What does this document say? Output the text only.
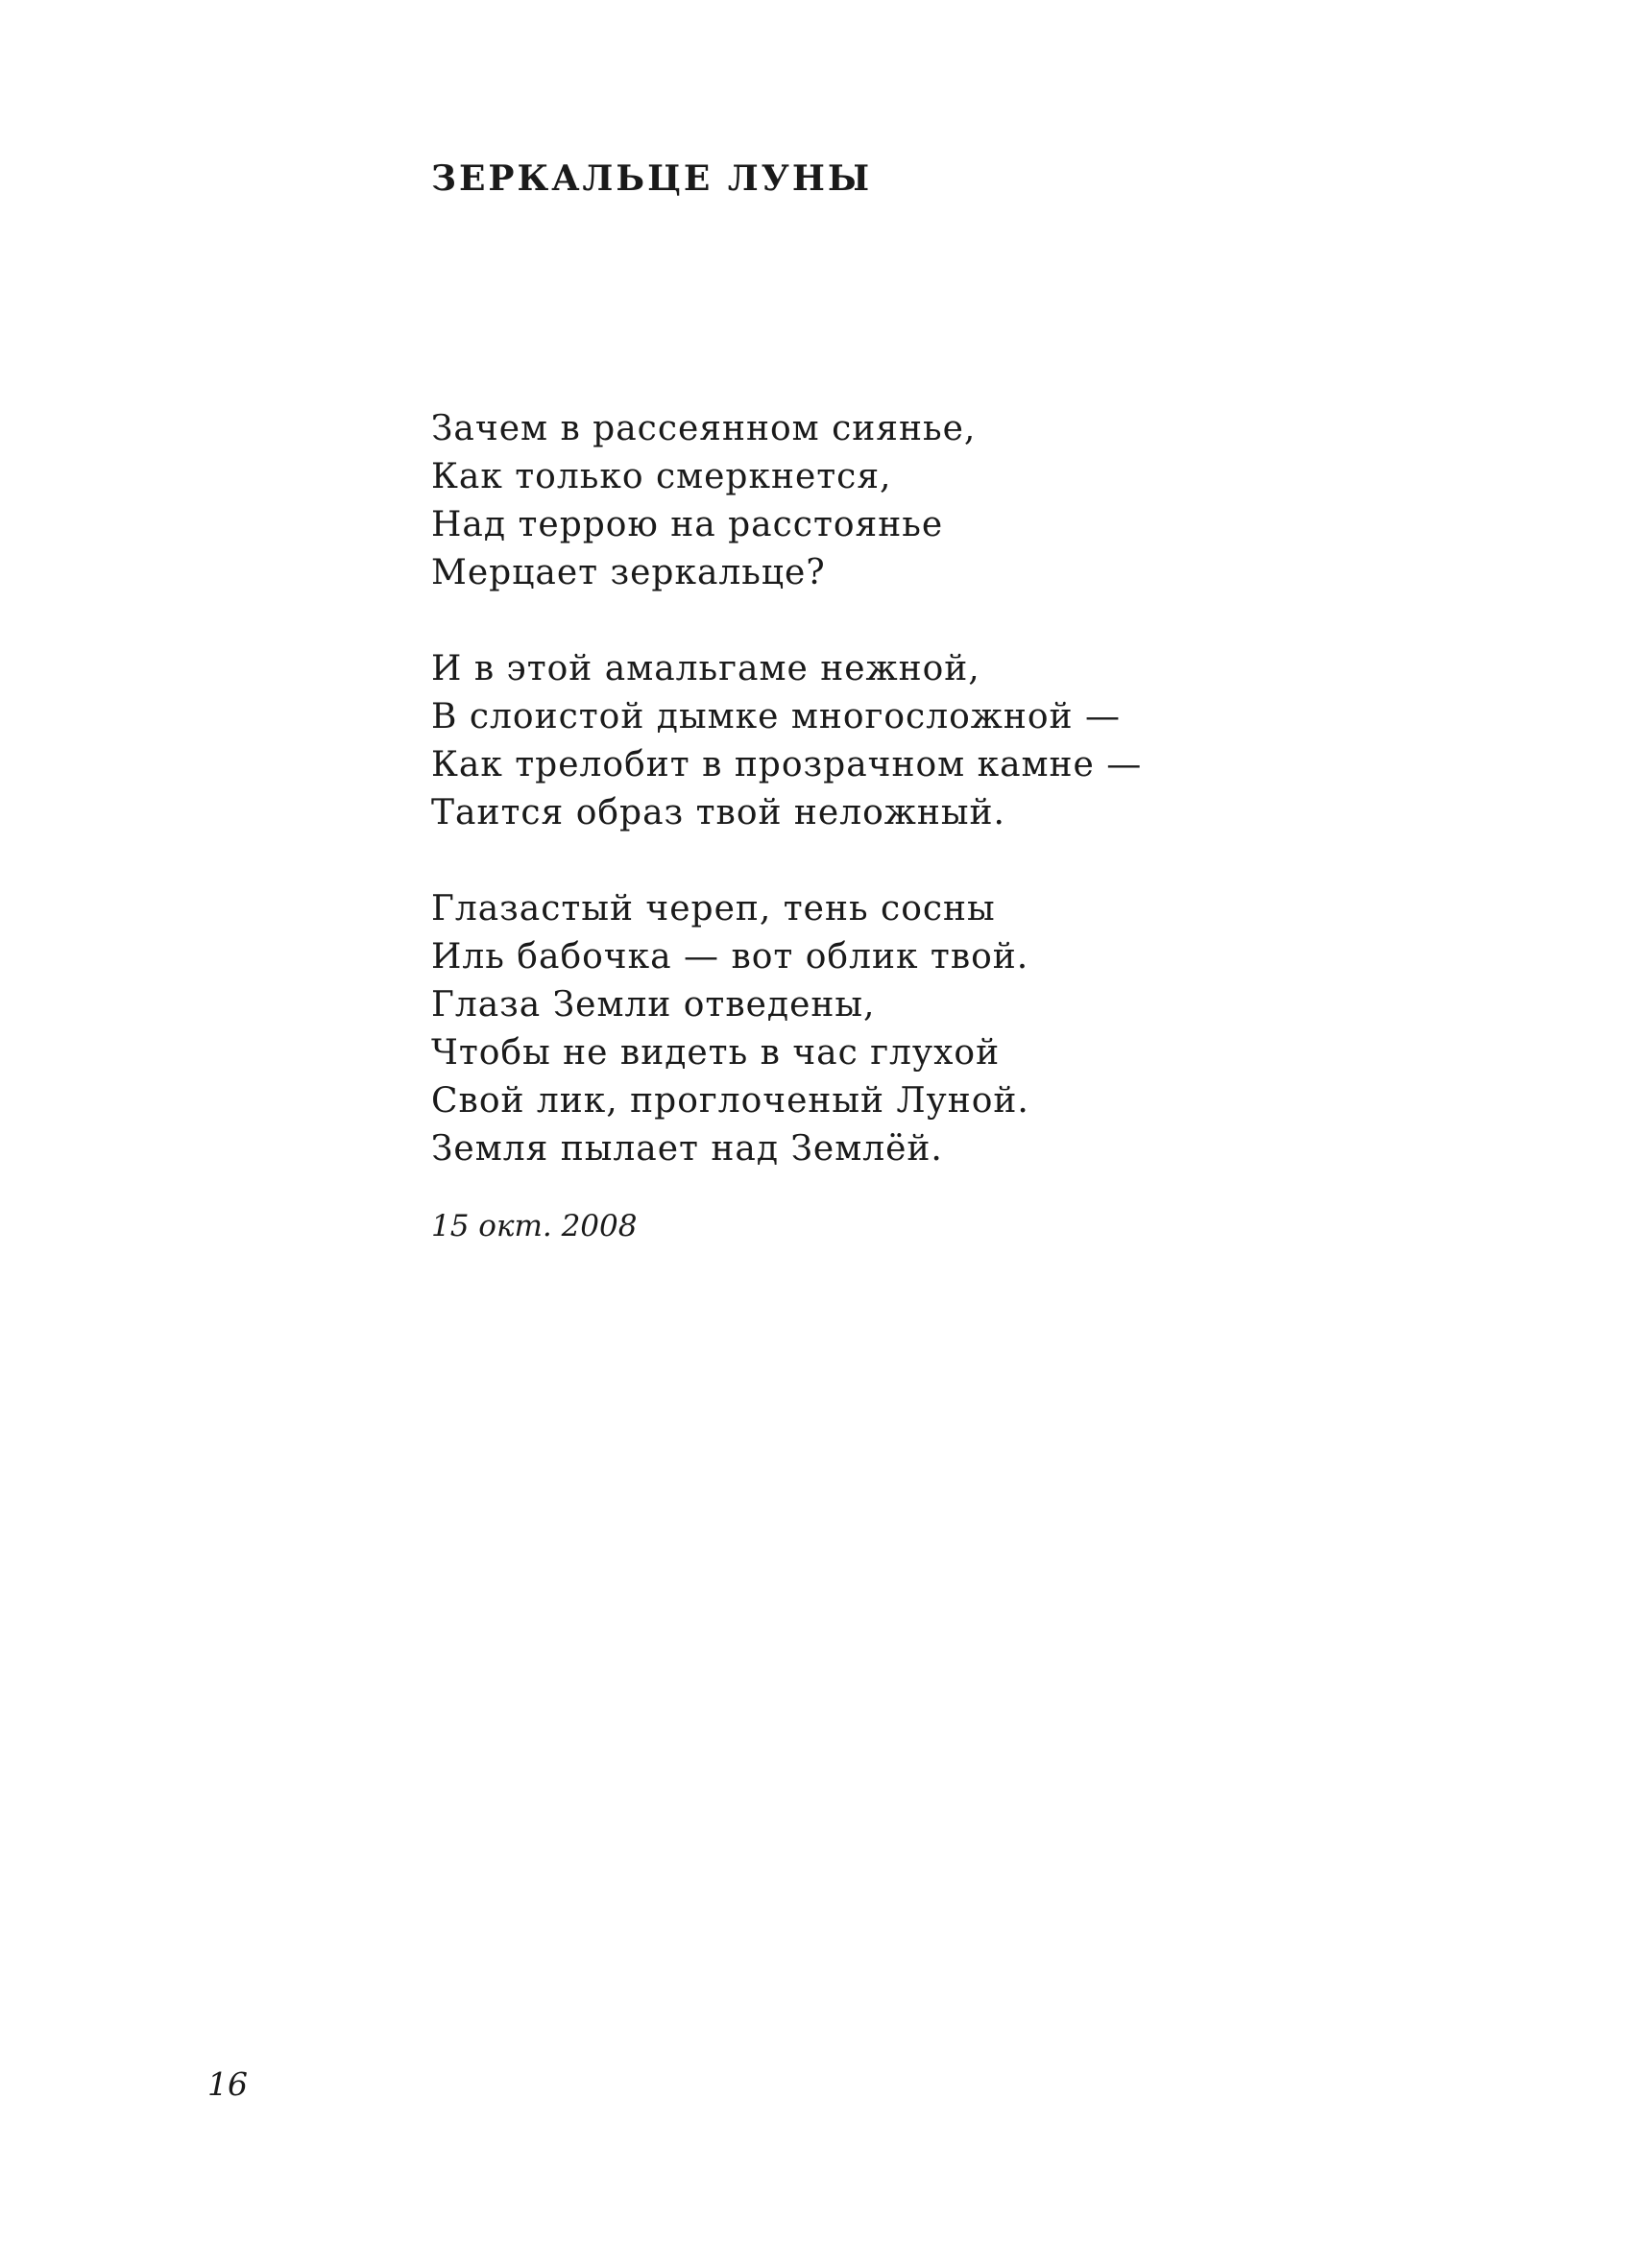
ЗЕРКАЛЬЦЕ ЛУНЫ
Зачем в рассеянном сиянье,
Как только смеркнется,
Над террою на расстоянье
Мерцает зеркальце?
И в этой амальгаме нежной,
В слоистой дымке многосложной —
Как трелобит в прозрачном камне —
Таится образ твой неложный.
Глазастый череп, тень сосны
Иль бабочка — вот облик твой.
Глаза Земли отведены,
Чтобы не видеть в час глухой
Свой лик, проглоченый Луной.
Земля пылает над Землёй.

15 окт. 2008

16
